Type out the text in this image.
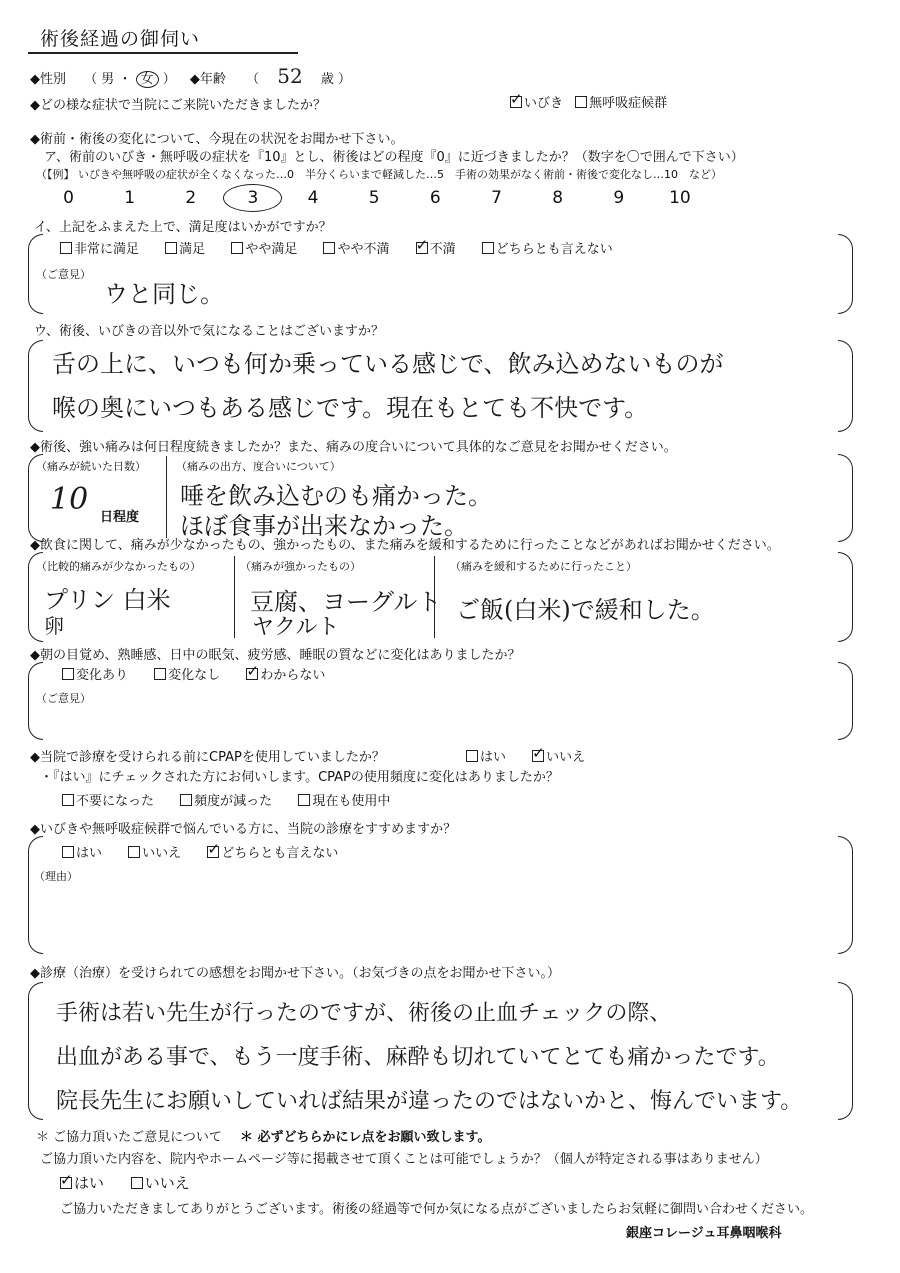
術後経過の御伺い
◆性別 （ 男 ・ 女 ） ◆年齢 （ 52 歳 ）
◆どの様な症状で当院にご来院いただきましたか？ ✓	いびき 無呼吸症候群
◆術前・術後の変化について、今現在の状況をお聞かせ下さい。
ア、術前のいびき・無呼吸の症状を『10』とし、術後はどの程度『0』に近づきましたか？（数字を〇で囲んで下さい）
（【例】 いびきや無呼吸の症状が全くなくなった…0　半分くらいまで軽減した…5　手術の効果がなく術前・術後で変化なし…10　など）
0	1	2	3	4	5	6	7	8	9	10
イ、上記をふまえた上で、満足度はいかがですか？
非常に満足	満足	やや満足	やや不満 ✓	不満	どちらとも言えない
（ご意見）
ウと同じ。
ウ、術後、いびきの音以外で気になることはございますか？
舌の上に、いつも何か乗っている感じで、飲み込めないものが
喉の奥にいつもある感じです。現在もとても不快です。
◆術後、強い痛みは何日程度続きましたか？また、痛みの度合いについて具体的なご意見をお聞かせください。
（痛みが続いた日数）
10
日程度
（痛みの出方、度合いについて）
唾を飲み込むのも痛かった。
ほぼ食事が出来なかった。
◆飲食に関して、痛みが少なかったもの、強かったもの、また痛みを緩和するために行ったことなどがあればお聞かせください。
（比較的痛みが少なかったもの）
プリン 白米
卵
（痛みが強かったもの）
豆腐、ヨーグルト
ヤクルト
（痛みを緩和するために行ったこと）
ご飯(白米)で緩和した。
◆朝の目覚め、熟睡感、日中の眠気、疲労感、睡眠の質などに変化はありましたか？
変化あり	変化なし ✓	わからない
（ご意見）
◆当院で診療を受けられる前にCPAPを使用していましたか？	はい ✓	いいえ
・『はい』にチェックされた方にお伺いします。CPAPの使用頻度に変化はありましたか？
不要になった	頻度が減った	現在も使用中
◆いびきや無呼吸症候群で悩んでいる方に、当院の診療をすすめますか？
はい	いいえ ✓	どちらとも言えない
（理由）
◆診療（治療）を受けられての感想をお聞かせ下さい。（お気づきの点をお聞かせ下さい。）
手術は若い先生が行ったのですが、術後の止血チェックの際、
出血がある事で、もう一度手術、麻酔も切れていてとても痛かったです。
院長先生にお願いしていれば結果が違ったのではないかと、悔んでいます。
＊ ご協力頂いたご意見について ＊ 必ずどちらかにレ点をお願い致します。
ご協力頂いた内容を、院内やホームページ等に掲載させて頂くことは可能でしょうか？（個人が特定される事はありません）
✓はい	いいえ
ご協力いただきましてありがとうございます。術後の経過等で何か気になる点がございましたらお気軽に御問い合わせください。
銀座コレージュ耳鼻咽喉科
